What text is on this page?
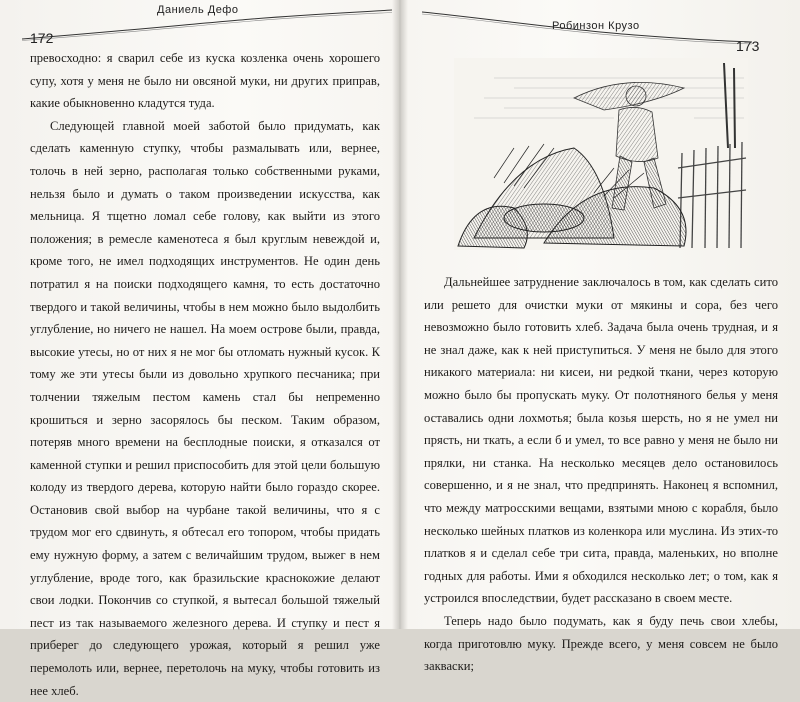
Даниель Дефо
172

превосходно: я сварил себе из куска козленка очень хорошего супу, хотя у меня не было ни овсяной муки, ни других приправ, какие обыкновенно кладутся туда.

Следующей главной моей заботой было придумать, как сделать каменную ступку, чтобы размалывать или, вернее, толочь в ней зерно, располагая только собственными руками, нельзя было и думать о таком произведении искусства, как мельница. Я тщетно ломал себе голову, как выйти из этого положения; в ремесле каменотеса я был круглым невеждой и, кроме того, не имел подходящих инструментов. Не один день потратил я на поиски подходящего камня, то есть достаточно твердого и такой величины, чтобы в нем можно было выдолбить углубление, но ничего не нашел. На моем острове были, правда, высокие утесы, но от них я не мог бы отломать нужный кусок. К тому же эти утесы были из довольно хрупкого песчаника; при толчении тяжелым пестом камень стал бы непременно крошиться и зерно засорялось бы песком. Таким образом, потеряв много времени на бесплодные поиски, я отказался от каменной ступки и решил приспособить для этой цели большую колоду из твердого дерева, которую найти было гораздо скорее. Остановив свой выбор на чурбане такой величины, что я с трудом мог его сдвинуть, я обтесал его топором, чтобы придать ему нужную форму, а затем с величайшим трудом, выжег в нем углубление, вроде того, как бразильские краснокожие делают свои лодки. Покончив со ступкой, я вытесал большой тяжелый пест из так называемого железного дерева. И ступку и пест я приберег до следующего урожая, который я решил уже перемолоть или, вернее, перетолочь на муку, чтобы готовить из нее хлеб.

Робинзон Крузо
173

Дальнейшее затруднение заключалось в том, как сделать сито или решето для очистки муки от мякины и сора, без чего невозможно было готовить хлеб. Задача была очень трудная, и я не знал даже, как к ней приступиться. У меня не было для этого никакого материала: ни кисеи, ни редкой ткани, через которую можно было бы пропускать муку. От полотняного белья у меня оставались одни лохмотья; была козья шерсть, но я не умел ни прясть, ни ткать, а если б и умел, то все равно у меня не было ни прялки, ни станка. На несколько месяцев дело остановилось совершенно, и я не знал, что предпринять. Наконец я вспомнил, что между матросскими вещами, взятыми мною с корабля, было несколько шейных платков из коленкора или муслина. Из этих-то платков я и сделал себе три сита, правда, маленьких, но вполне годных для работы. Ими я обходился несколько лет; о том, как я устроился впоследствии, будет рассказано в своем месте.

Теперь надо было подумать, как я буду печь свои хлебы, когда приготовлю муку. Прежде всего, у меня совсем не было закваски;
